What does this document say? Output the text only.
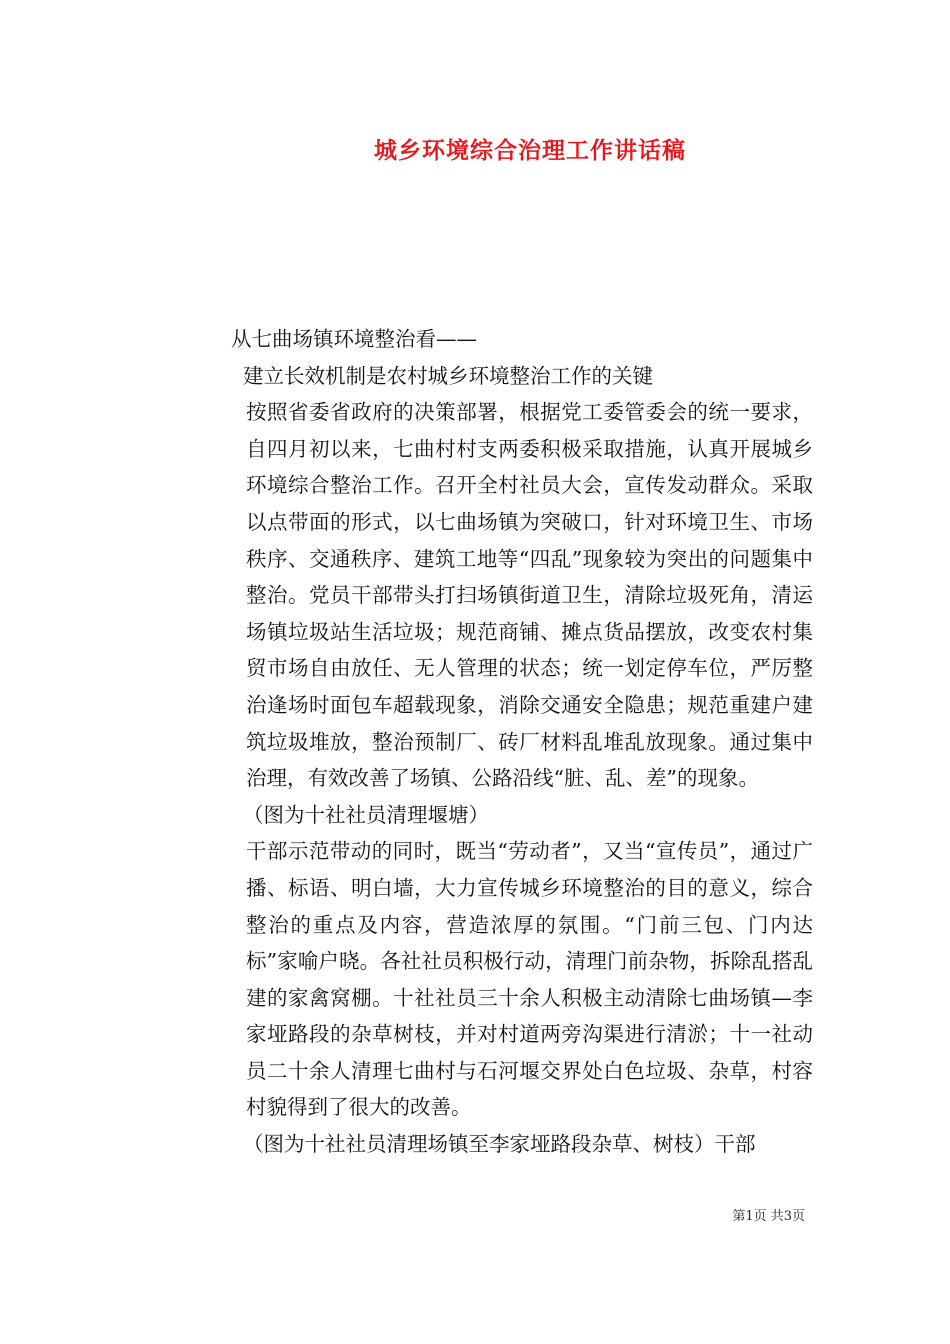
城乡环境综合治理工作讲话稿

从七曲场镇环境整治看——

建立长效机制是农村城乡环境整治工作的关键

按照省委省政府的决策部署，根据党工委管委会的统一要求，自四月初以来，七曲村村支两委积极采取措施，认真开展城乡环境综合整治工作。召开全村社员大会，宣传发动群众。采取以点带面的形式，以七曲场镇为突破口，针对环境卫生、市场秩序、交通秩序、建筑工地等“四乱”现象较为突出的问题集中整治。党员干部带头打扫场镇街道卫生，清除垃圾死角，清运场镇垃圾站生活垃圾；规范商铺、摊点货品摆放，改变农村集贸市场自由放任、无人管理的状态；统一划定停车位，严厉整治逢场时面包车超载现象，消除交通安全隐患；规范重建户建筑垃圾堆放，整治预制厂、砖厂材料乱堆乱放现象。通过集中治理，有效改善了场镇、公路沿线“脏、乱、差”的现象。

（图为十社社员清理堰塘）

干部示范带动的同时，既当“劳动者”，又当“宣传员”，通过广播、标语、明白墙，大力宣传城乡环境整治的目的意义，综合整治的重点及内容，营造浓厚的氛围。“门前三包、门内达标”家喻户晓。各社社员积极行动，清理门前杂物，拆除乱搭乱建的家禽窝棚。十社社员三十余人积极主动清除七曲场镇—李家垭路段的杂草树枝，并对村道两旁沟渠进行清淤；十一社动员二十余人清理七曲村与石河堰交界处白色垃圾、杂草，村容村貌得到了很大的改善。

（图为十社社员清理场镇至李家垭路段杂草、树枝）干部

第1页 共3页
